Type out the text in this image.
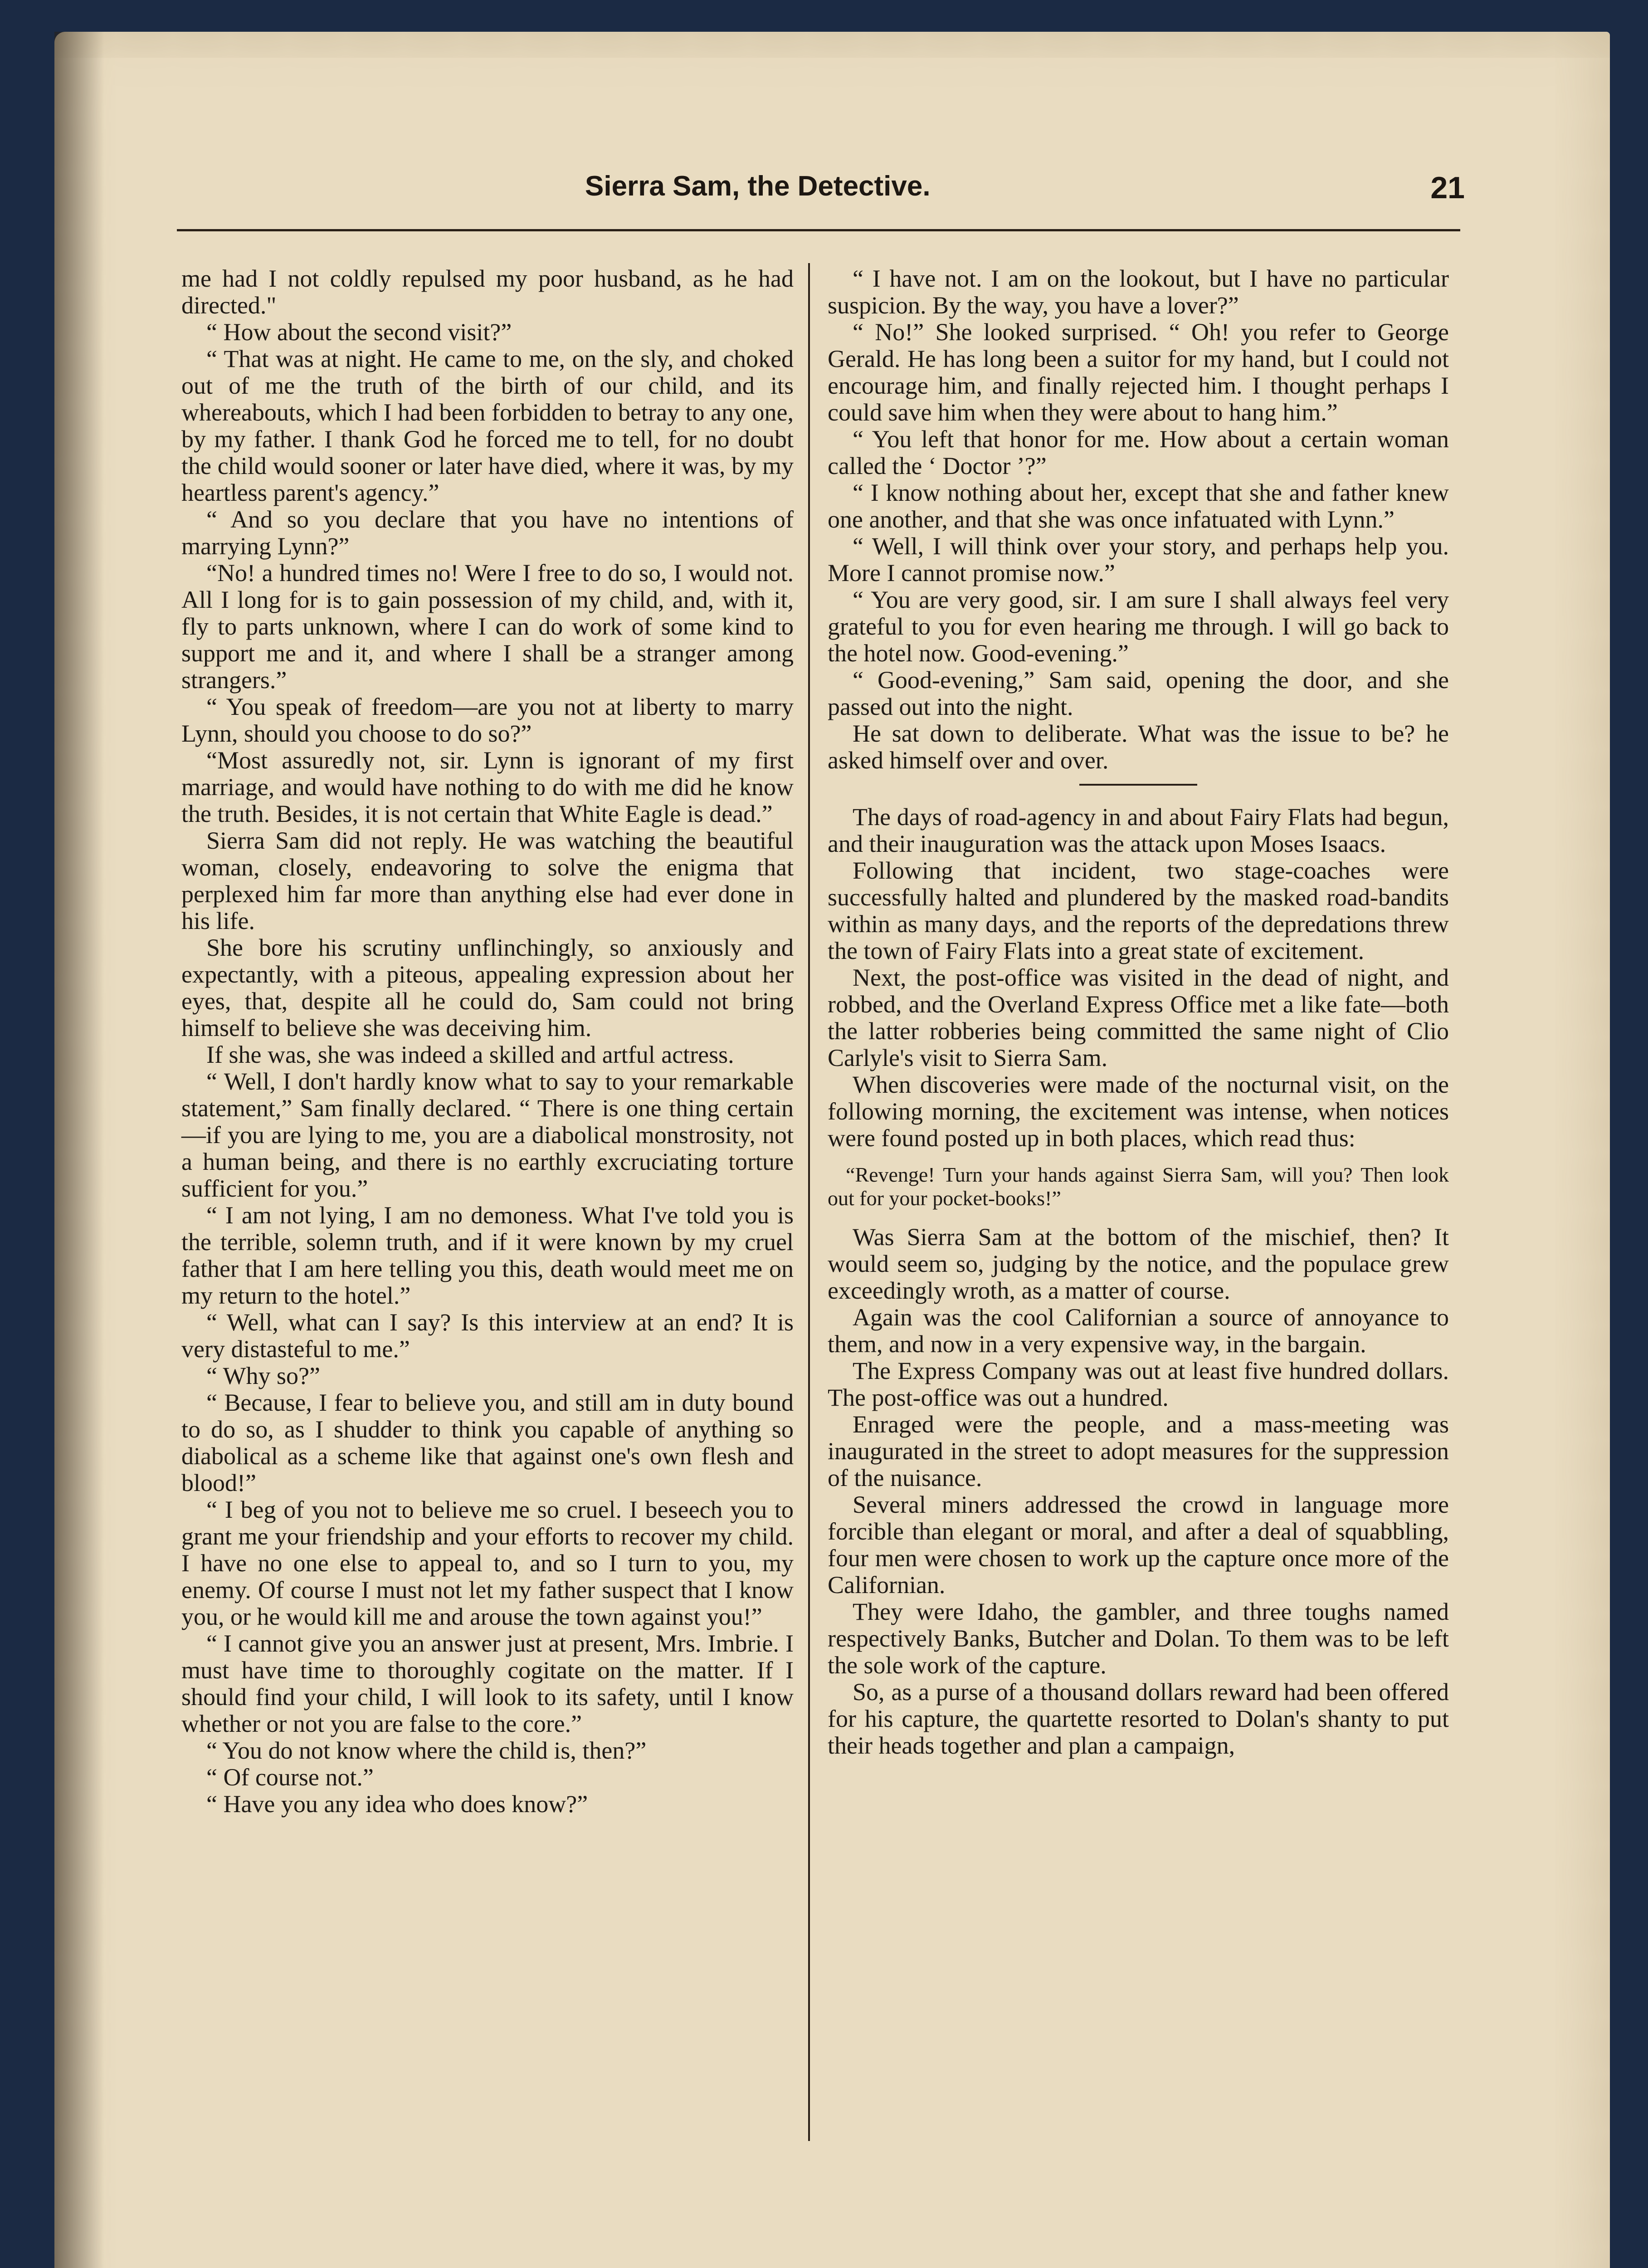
Sierra Sam, the Detective.	21

me had I not coldly repulsed my poor husband, as he had directed."

“ How about the second visit?”

“ That was at night. He came to me, on the sly, and choked out of me the truth of the birth of our child, and its whereabouts, which I had been forbidden to betray to any one, by my father. I thank God he forced me to tell, for no doubt the child would sooner or later have died, where it was, by my heartless parent's agency.”

“ And so you declare that you have no intentions of marrying Lynn?”

“No! a hundred times no! Were I free to do so, I would not. All I long for is to gain possession of my child, and, with it, fly to parts unknown, where I can do work of some kind to support me and it, and where I shall be a stranger among strangers.”

“ You speak of freedom—are you not at liberty to marry Lynn, should you choose to do so?”

“Most assuredly not, sir. Lynn is ignorant of my first marriage, and would have nothing to do with me did he know the truth. Besides, it is not certain that White Eagle is dead.”

Sierra Sam did not reply. He was watching the beautiful woman, closely, endeavoring to solve the enigma that perplexed him far more than anything else had ever done in his life.

She bore his scrutiny unflinchingly, so anxiously and expectantly, with a piteous, appealing expression about her eyes, that, despite all he could do, Sam could not bring himself to believe she was deceiving him.

If she was, she was indeed a skilled and artful actress.

“ Well, I don't hardly know what to say to your remarkable statement,” Sam finally declared. “ There is one thing certain—if you are lying to me, you are a diabolical monstrosity, not a human being, and there is no earthly excruciating torture sufficient for you.”

“ I am not lying, I am no demoness. What I've told you is the terrible, solemn truth, and if it were known by my cruel father that I am here telling you this, death would meet me on my return to the hotel.”

“ Well, what can I say? Is this interview at an end? It is very distasteful to me.”

“ Why so?”

“ Because, I fear to believe you, and still am in duty bound to do so, as I shudder to think you capable of anything so diabolical as a scheme like that against one's own flesh and blood!”

“ I beg of you not to believe me so cruel. I beseech you to grant me your friendship and your efforts to recover my child. I have no one else to appeal to, and so I turn to you, my enemy. Of course I must not let my father suspect that I know you, or he would kill me and arouse the town against you!”

“ I cannot give you an answer just at present, Mrs. Imbrie. I must have time to thoroughly cogitate on the matter. If I should find your child, I will look to its safety, until I know whether or not you are false to the core.”

“ You do not know where the child is, then?”

“ Of course not.”

“ Have you any idea who does know?”

“ I have not. I am on the lookout, but I have no particular suspicion. By the way, you have a lover?”

“ No!” She looked surprised. “ Oh! you refer to George Gerald. He has long been a suitor for my hand, but I could not encourage him, and finally rejected him. I thought perhaps I could save him when they were about to hang him.”

“ You left that honor for me. How about a certain woman called the ‘ Doctor ’?”

“ I know nothing about her, except that she and father knew one another, and that she was once infatuated with Lynn.”

“ Well, I will think over your story, and perhaps help you. More I cannot promise now.”

“ You are very good, sir. I am sure I shall always feel very grateful to you for even hearing me through. I will go back to the hotel now. Good-evening.”

“ Good-evening,” Sam said, opening the door, and she passed out into the night.

He sat down to deliberate. What was the issue to be? he asked himself over and over.

The days of road-agency in and about Fairy Flats had begun, and their inauguration was the attack upon Moses Isaacs.

Following that incident, two stage-coaches were successfully halted and plundered by the masked road-bandits within as many days, and the reports of the depredations threw the town of Fairy Flats into a great state of excitement.

Next, the post-office was visited in the dead of night, and robbed, and the Overland Express Office met a like fate—both the latter robberies being committed the same night of Clio Carlyle's visit to Sierra Sam.

When discoveries were made of the nocturnal visit, on the following morning, the excitement was intense, when notices were found posted up in both places, which read thus:

“Revenge! Turn your hands against Sierra Sam, will you? Then look out for your pocket-books!”

Was Sierra Sam at the bottom of the mischief, then? It would seem so, judging by the notice, and the populace grew exceedingly wroth, as a matter of course.

Again was the cool Californian a source of annoyance to them, and now in a very expensive way, in the bargain.

The Express Company was out at least five hundred dollars. The post-office was out a hundred.

Enraged were the people, and a mass-meeting was inaugurated in the street to adopt measures for the suppression of the nuisance.

Several miners addressed the crowd in language more forcible than elegant or moral, and after a deal of squabbling, four men were chosen to work up the capture once more of the Californian.

They were Idaho, the gambler, and three toughs named respectively Banks, Butcher and Dolan. To them was to be left the sole work of the capture.

So, as a purse of a thousand dollars reward had been offered for his capture, the quartette resorted to Dolan's shanty to put their heads together and plan a campaign,
